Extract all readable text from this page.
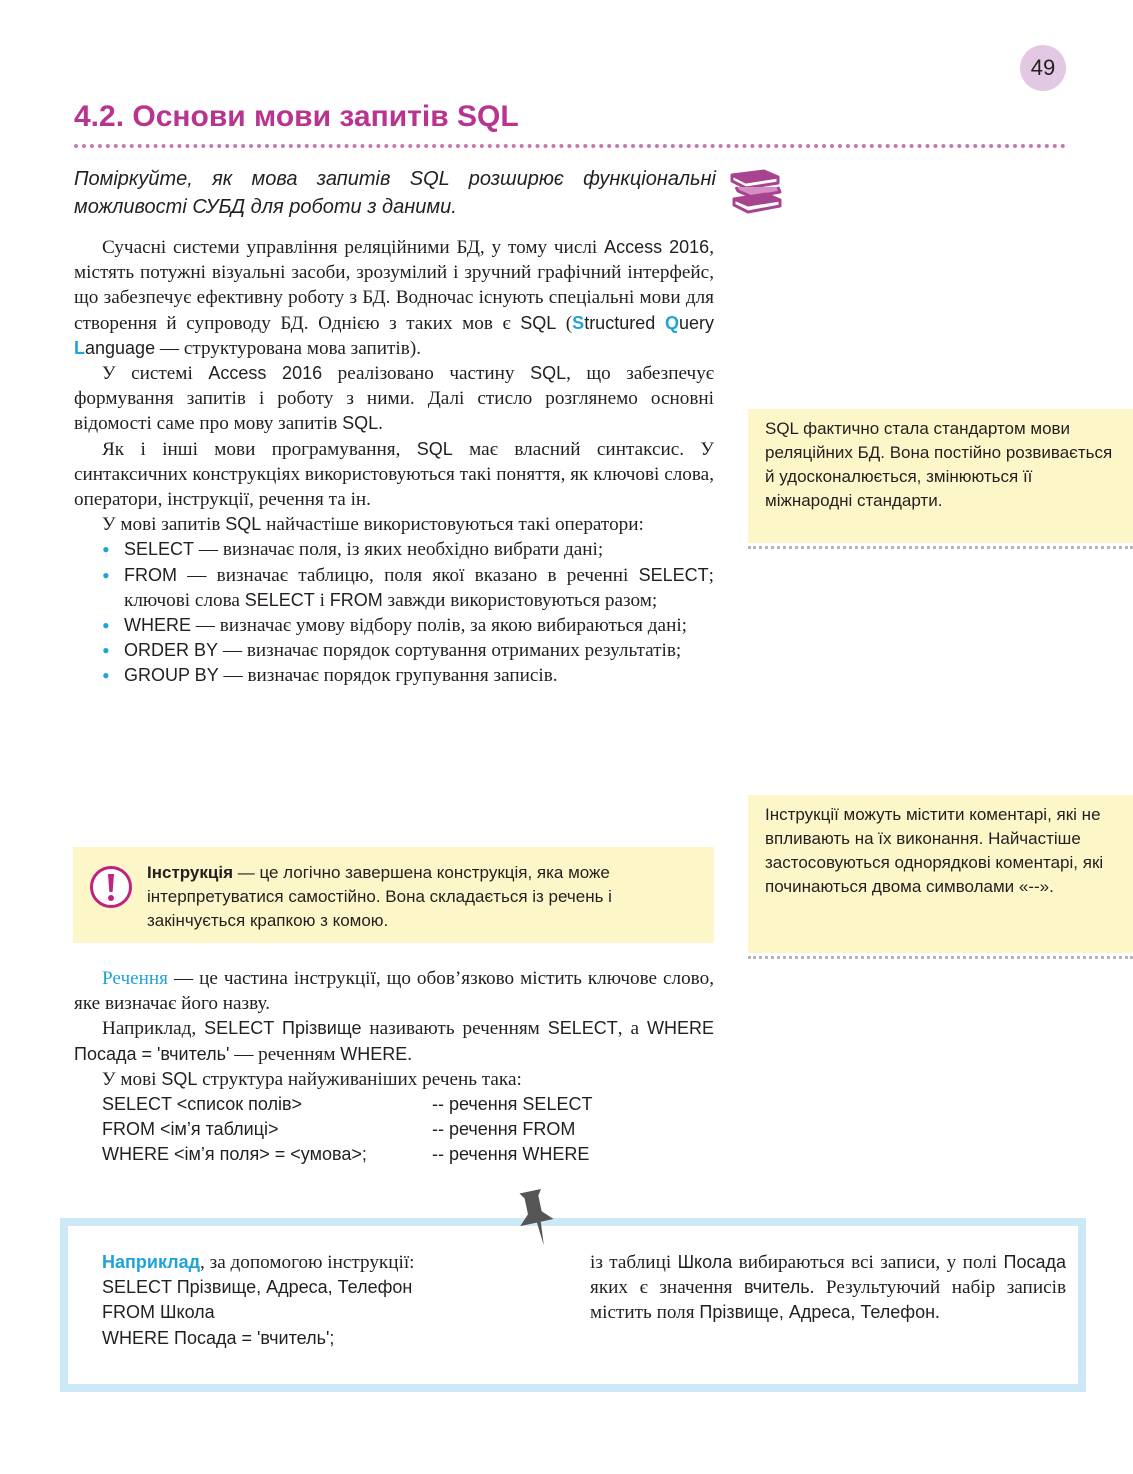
49
4.2. Основи мови запитів SQL
Поміркуйте, як мова запитів SQL розширює функціональні можливості СУБД для роботи з даними.

Сучасні системи управління реляційними БД, у тому числі Access 2016, містять потужні візуальні засоби, зрозумілий і зручний графічний інтерфейс, що забезпечує ефективну роботу з БД. Водночас існують спеціальні мови для створення й супроводу БД. Однією з таких мов є SQL (Structured Query Language — структурована мова запитів).

У системі Access 2016 реалізовано частину SQL, що забезпечує формування запитів і роботу з ними. Далі стисло розглянемо основні відомості саме про мову запитів SQL.

Як і інші мови програмування, SQL має власний синтаксис. У синтаксичних конструкціях використовуються такі поняття, як ключові слова, оператори, інструкції, речення та ін.

У мові запитів SQL найчастіше використовуються такі оператори:

• SELECT — визначає поля, із яких необхідно вибрати дані;
• FROM — визначає таблицю, поля якої вказано в реченні SELECT; ключові слова SELECT і FROM завжди використовуються разом;
• WHERE — визначає умову відбору полів, за якою вибираються дані;
• ORDER BY — визначає порядок сортування отриманих результатів;
• GROUP BY — визначає порядок групування записів.
SQL фактично стала стандартом мови реляційних БД. Вона постійно розвивається й удосконалюється, змінюються її міжнародні стандарти.
Інструкції можуть містити коментарі, які не впливають на їх виконання. Найчастіше застосовуються однорядкові коментарі, які починаються двома символами «--».
Інструкція — це логічно завершена конструкція, яка може інтерпретуватися самостійно. Вона складається із речень і закінчується крапкою з комою.

Речення — це частина інструкції, що обов’язково містить ключове слово, яке визначає його назву.

Наприклад, SELECT Прізвище називають реченням SELECT, а WHERE Посада = 'вчитель' — реченням WHERE.

У мові SQL структура найуживаніших речень така:

SELECT <список полів>	-- речення SELECT
FROM <ім’я таблиці>	-- речення FROM
WHERE <ім’я поля> = <умова>;	-- речення WHERE
Наприклад, за допомогою інструкції:
SELECT Прізвище, Адреса, Телефон
FROM Школа
WHERE Посада = 'вчитель';

із таблиці Школа вибираються всі записи, у полі Посада яких є значення вчитель. Результуючий набір записів містить поля Прізвище, Адреса, Телефон.
